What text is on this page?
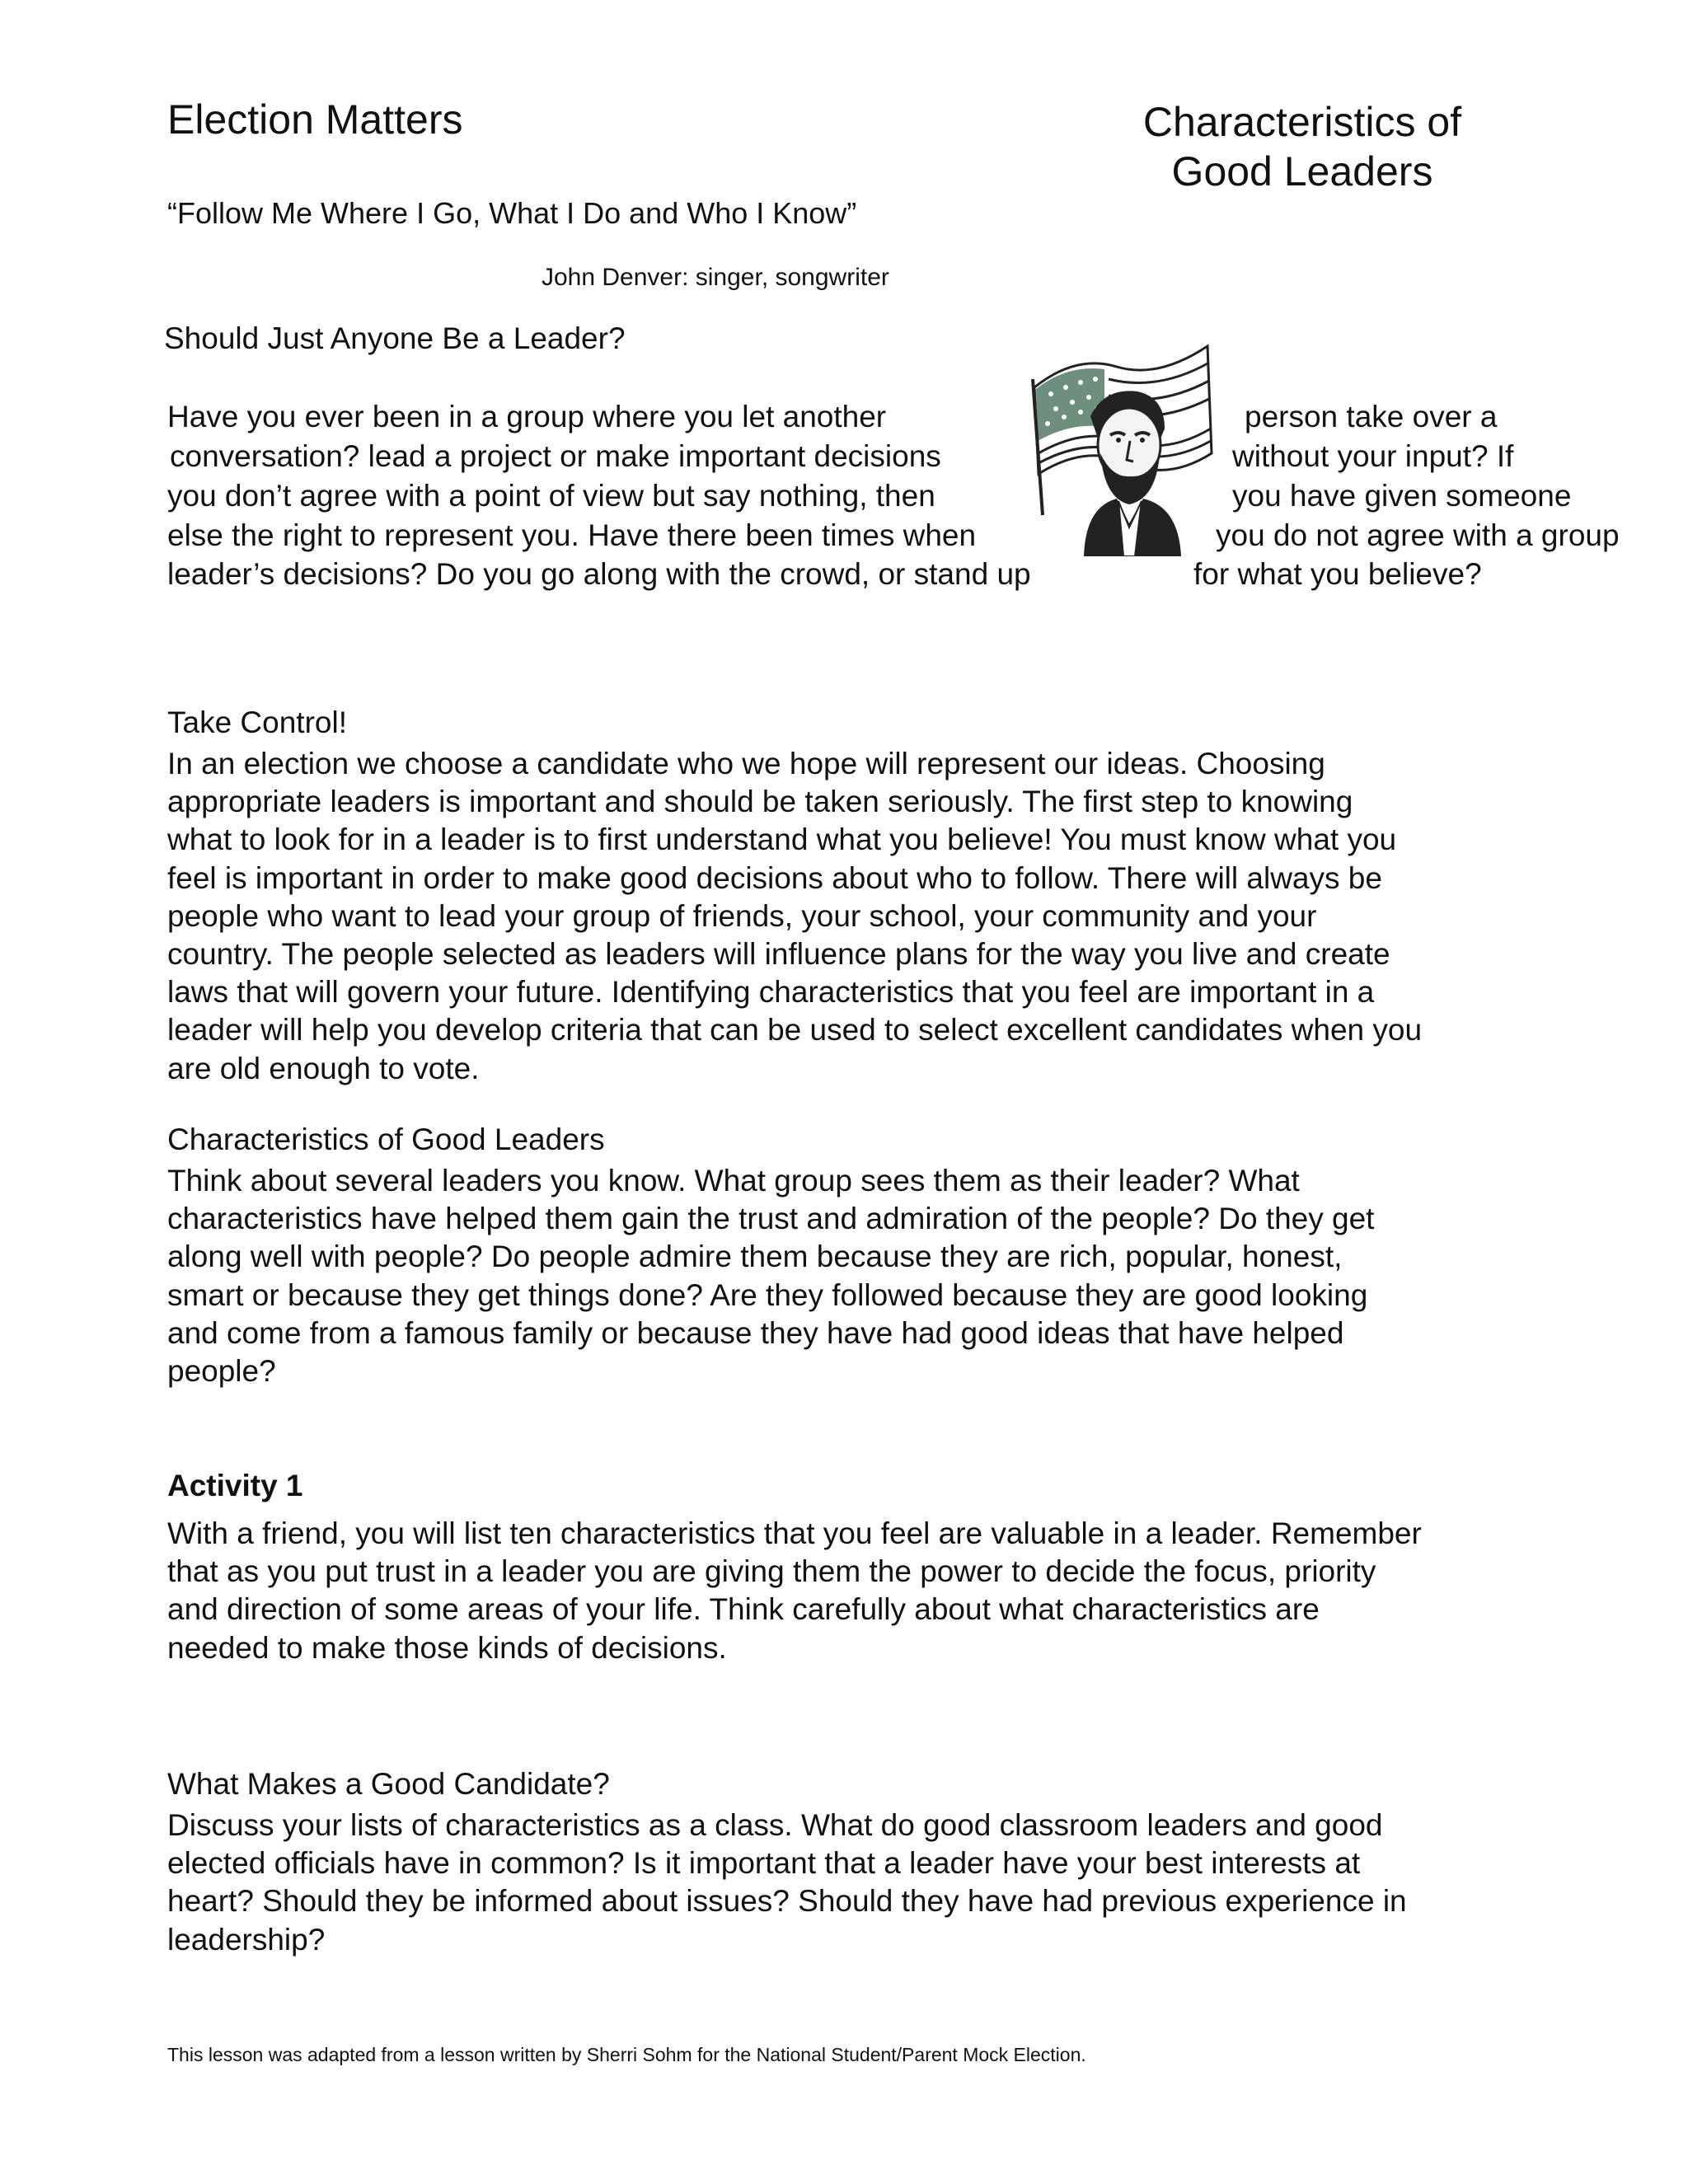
Election Matters	Characteristics of
Good Leaders
“Follow Me Where I Go, What I Do and Who I Know”
John Denver: singer, songwriter
Should Just Anyone Be a Leader?
Have you ever been in a group where you let another	person take over a
conversation? lead a project or make important decisions	without your input? If
you don’t agree with a point of view but say nothing, then	you have given someone
else the right to represent you. Have there been times when	you do not agree with a group
leader’s decisions? Do you go along with the crowd, or stand up	for what you believe?
Take Control!
In an election we choose a candidate who we hope will represent our ideas. Choosing
appropriate leaders is important and should be taken seriously. The first step to knowing
what to look for in a leader is to first understand what you believe! You must know what you
feel is important in order to make good decisions about who to follow. There will always be
people who want to lead your group of friends, your school, your community and your
country. The people selected as leaders will influence plans for the way you live and create
laws that will govern your future. Identifying characteristics that you feel are important in a
leader will help you develop criteria that can be used to select excellent candidates when you
are old enough to vote.
Characteristics of Good Leaders
Think about several leaders you know. What group sees them as their leader? What
characteristics have helped them gain the trust and admiration of the people? Do they get
along well with people? Do people admire them because they are rich, popular, honest,
smart or because they get things done? Are they followed because they are good looking
and come from a famous family or because they have had good ideas that have helped
people?
Activity 1
With a friend, you will list ten characteristics that you feel are valuable in a leader. Remember
that as you put trust in a leader you are giving them the power to decide the focus, priority
and direction of some areas of your life. Think carefully about what characteristics are
needed to make those kinds of decisions.
What Makes a Good Candidate?
Discuss your lists of characteristics as a class. What do good classroom leaders and good
elected officials have in common? Is it important that a leader have your best interests at
heart? Should they be informed about issues? Should they have had previous experience in
leadership?
This lesson was adapted from a lesson written by Sherri Sohm for the National Student/Parent Mock Election.
